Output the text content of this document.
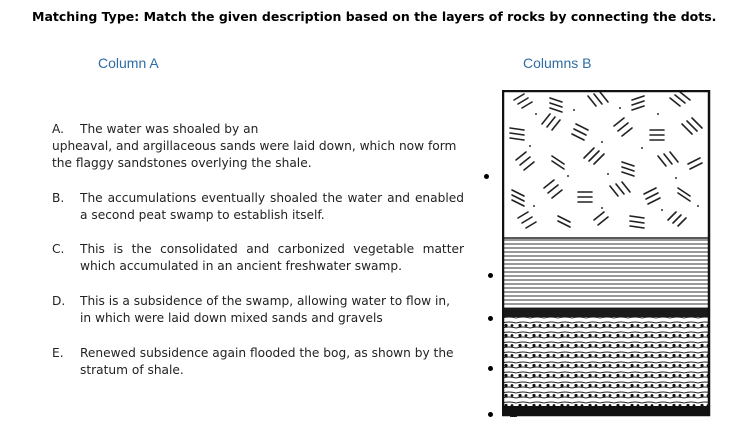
Matching Type: Match the given description based on the layers of rocks by connecting the dots.
Column A	Columns B
A. The water was shoaled by an
upheaval, and argillaceous sands were laid down, which now form the flaggy sandstones overlying the shale.
B.	The accumulations eventually shoaled the water and enabled a second peat swamp to establish itself.
C.	This is the consolidated and carbonized vegetable matter which accumulated in an ancient freshwater swamp.
D.	This is a subsidence of the swamp, allowing water to flow in, in which were laid down mixed sands and gravels
E.	Renewed subsidence again flooded the bog, as shown by the stratum of shale.
